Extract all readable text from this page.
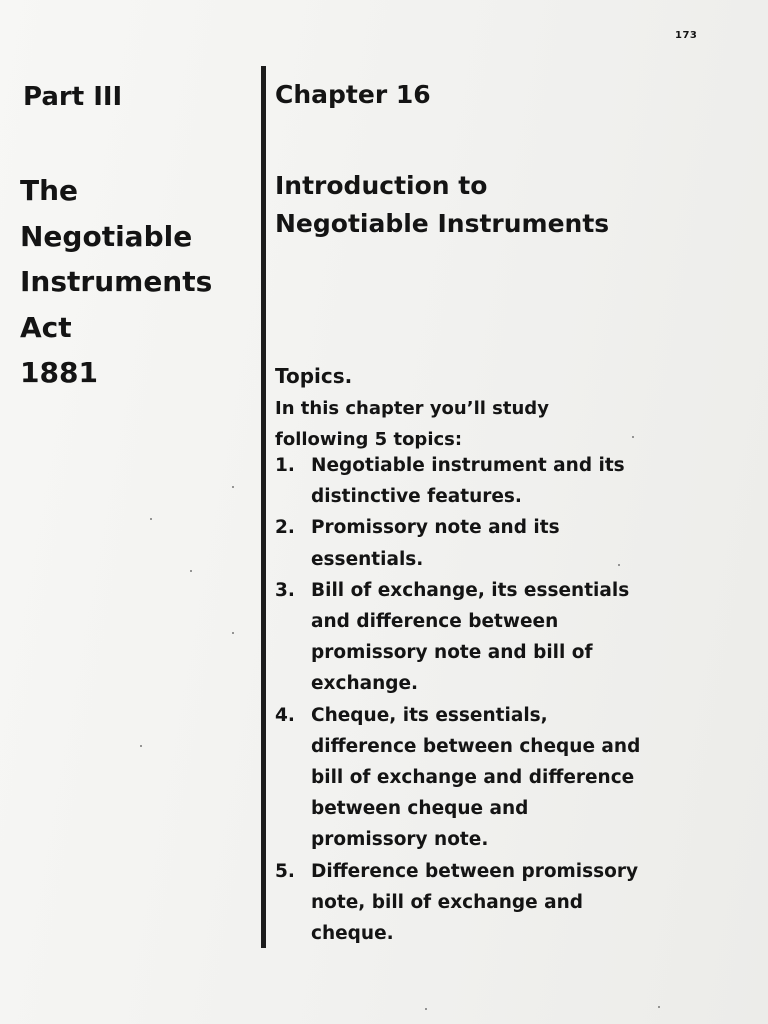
173
Part III
The
Negotiable
Instruments
Act
1881
Chapter 16
Introduction to
Negotiable Instruments
Topics.
In this chapter you’ll study
following 5 topics:
1. Negotiable instrument and its
distinctive features.
2. Promissory note and its
essentials.
3. Bill of exchange, its essentials
and difference between
promissory note and bill of
exchange.
4. Cheque, its essentials,
difference between cheque and
bill of exchange and difference
between cheque and
promissory note.
5. Difference between promissory
note, bill of exchange and
cheque.
